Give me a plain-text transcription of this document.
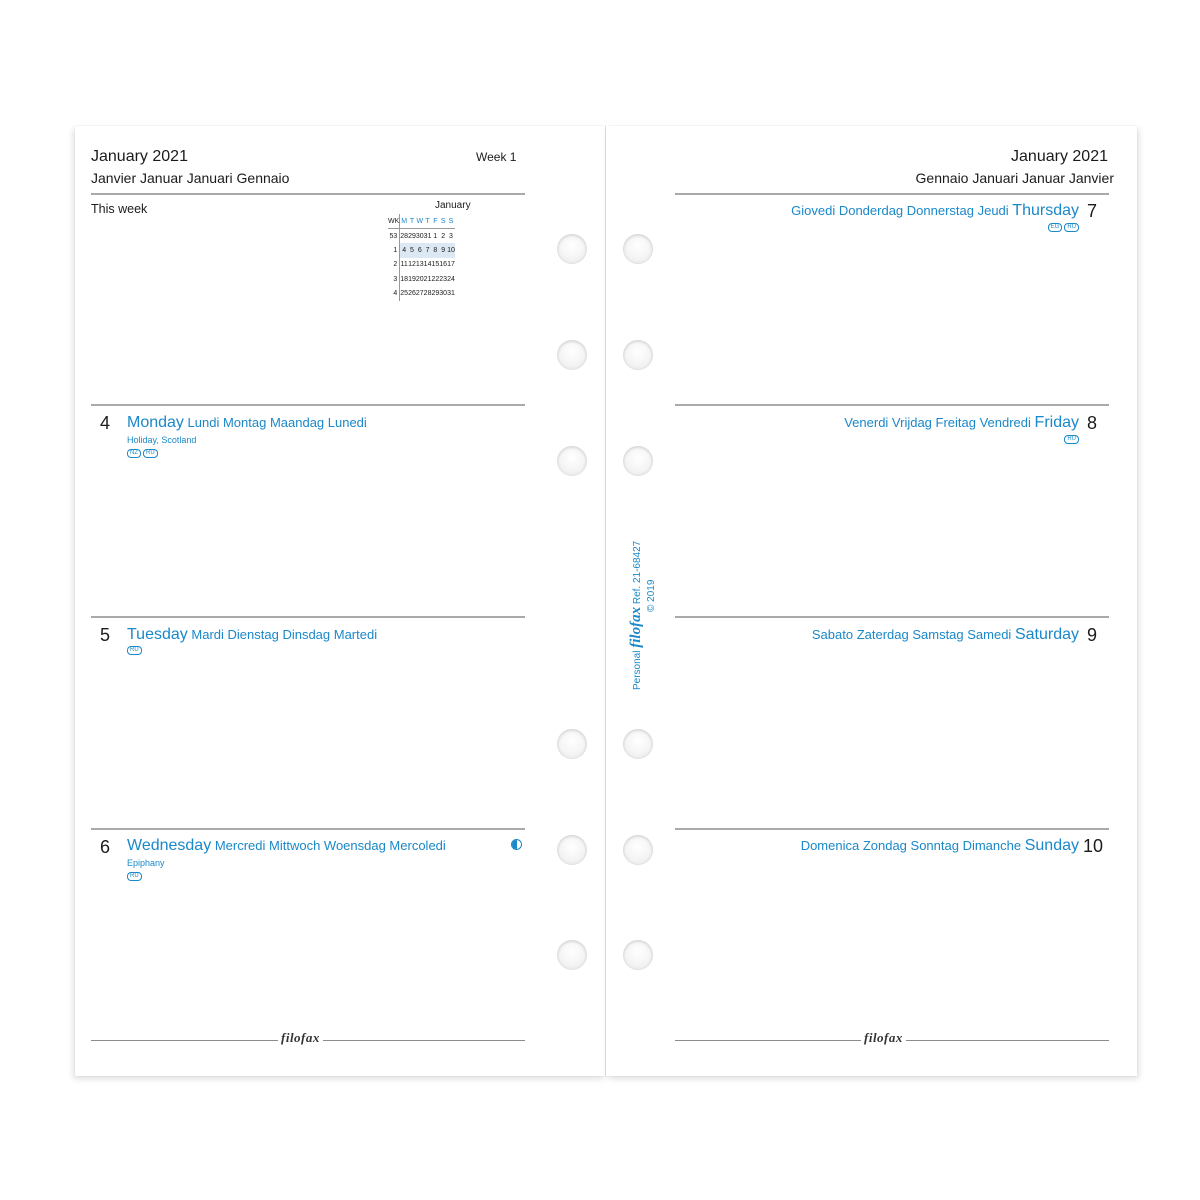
January 2021
Janvier Januar Januari Gennaio
Week 1
This week
4 Monday Lundi Montag Maandag Lunedi
Holiday, Scotland
NZ	RU
5 Tuesday Mardi Dienstag Dinsdag Martedi
RU
6 Wednesday Mercredi Mittwoch Woensdag Mercoledi
Epiphany
RU
filofax
January
WK	M	T	W	T	F	S	S
53	28	29	30	31	1	2	3
1	4	5	6	7	8	9	10
2	11	12	13	14	15	16	17
3	18	19	20	21	22	23	24
4	25	26	27	28	29	30	31
January 2021
Gennaio Januari Januar Janvier
Giovedi Donderdag Donnerstag Jeudi Thursday 7
EG	RU
Venerdi Vrijdag Freitag Vendredi Friday 8
RU
Sabato Zaterdag Samstag Samedi Saturday 9
Domenica Zondag Sonntag Dimanche Sunday 10
filofax
Personal filofax Ref. 21-68427 © 2019
